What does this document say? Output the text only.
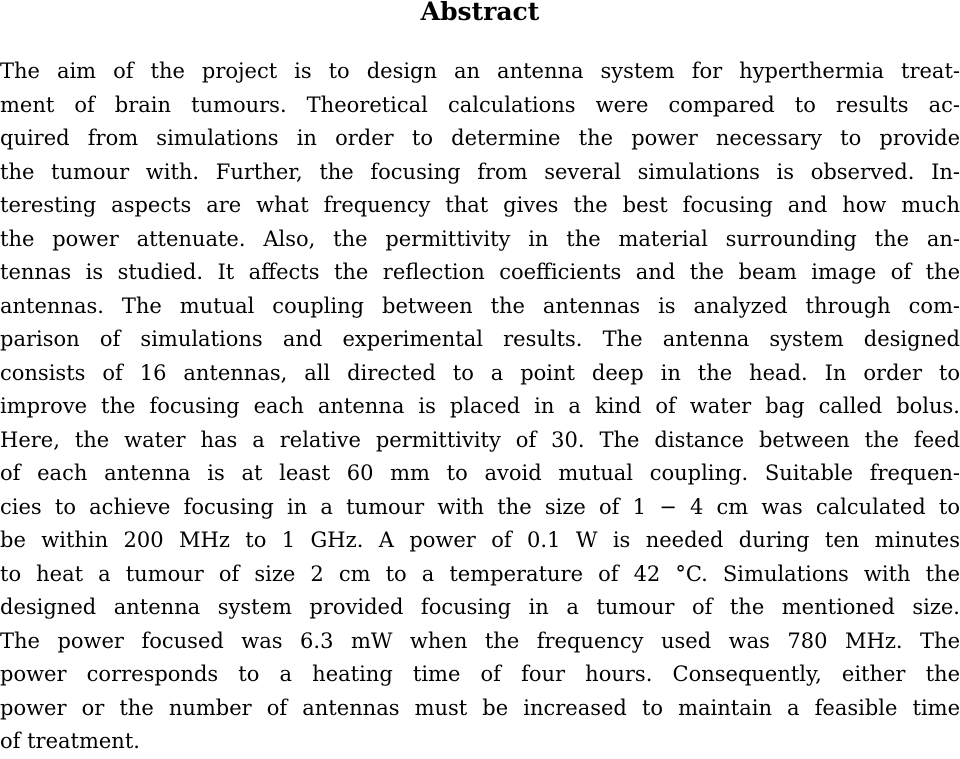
Abstract
The aim of the project is to design an antenna system for hyperthermia treat-
ment of brain tumours. Theoretical calculations were compared to results ac-
quired from simulations in order to determine the power necessary to provide
the tumour with. Further, the focusing from several simulations is observed. In-
teresting aspects are what frequency that gives the best focusing and how much
the power attenuate. Also, the permittivity in the material surrounding the an-
tennas is studied. It affects the reflection coefficients and the beam image of the
antennas. The mutual coupling between the antennas is analyzed through com-
parison of simulations and experimental results. The antenna system designed
consists of 16 antennas, all directed to a point deep in the head. In order to
improve the focusing each antenna is placed in a kind of water bag called bolus.
Here, the water has a relative permittivity of 30. The distance between the feed
of each antenna is at least 60 mm to avoid mutual coupling. Suitable frequen-
cies to achieve focusing in a tumour with the size of 1 − 4 cm was calculated to
be within 200 MHz to 1 GHz. A power of 0.1 W is needed during ten minutes
to heat a tumour of size 2 cm to a temperature of 42 °C. Simulations with the
designed antenna system provided focusing in a tumour of the mentioned size.
The power focused was 6.3 mW when the frequency used was 780 MHz. The
power corresponds to a heating time of four hours. Consequently, either the
power or the number of antennas must be increased to maintain a feasible time
of treatment.
